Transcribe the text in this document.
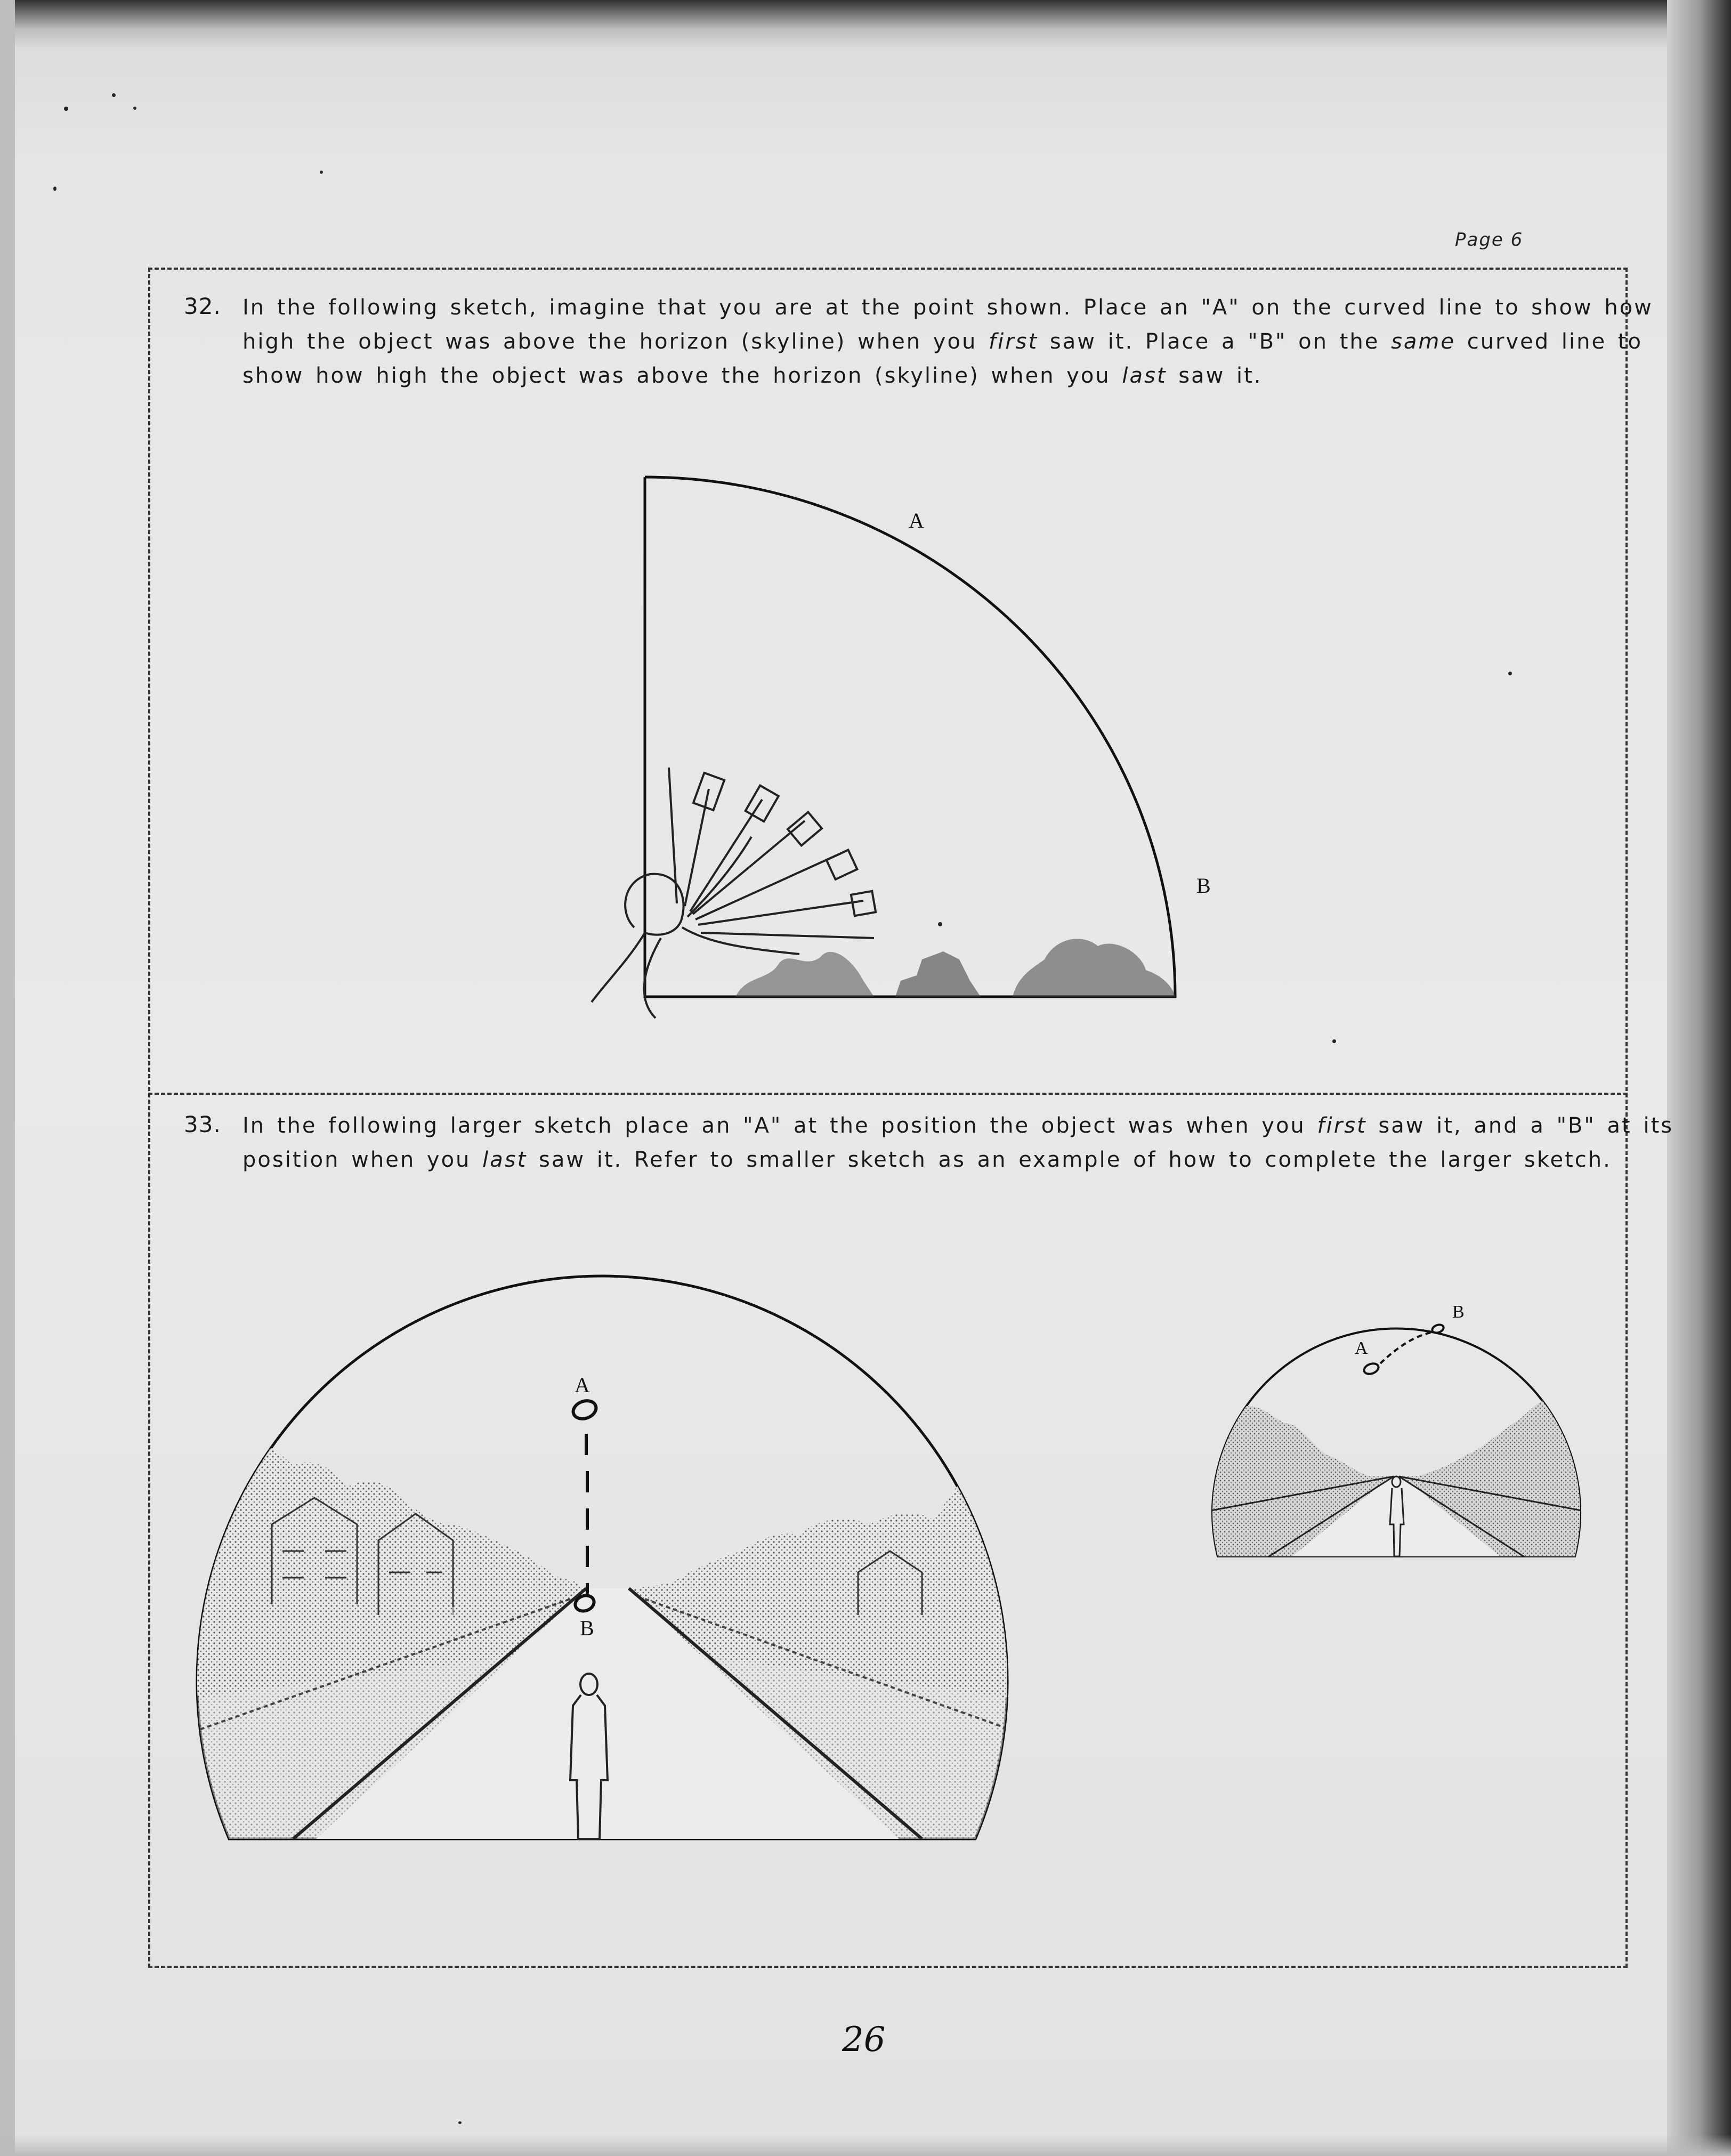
Page 6
32. In the following sketch, imagine that you are at the point shown. Place an "A" on the curved line to show how

high the object was above the horizon (skyline) when you first saw it. Place a "B" on the same curved line to

show how high the object was above the horizon (skyline) when you last saw it.

A
B
33. In the following larger sketch place an "A" at the position the object was when you first saw it, and a "B" at its

position when you last saw it. Refer to smaller sketch as an example of how to complete the larger sketch.

A
B
A
B
26
